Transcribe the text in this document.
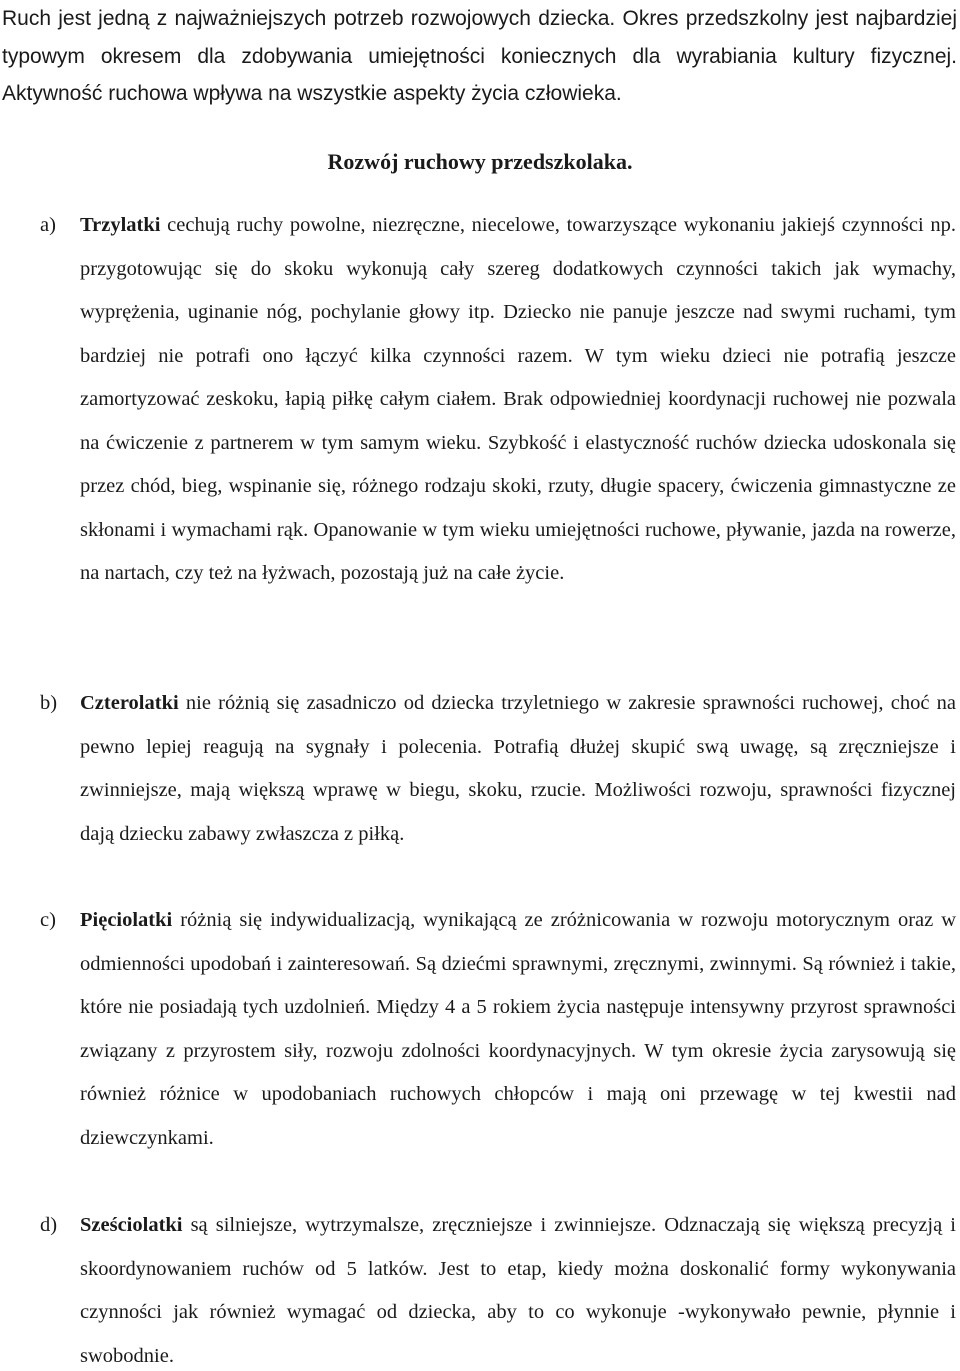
Ruch jest jedną z najważniejszych potrzeb rozwojowych dziecka. Okres przedszkolny jest najbardziej typowym okresem dla zdobywania umiejętności koniecznych dla wyrabiania kultury fizycznej. Aktywność ruchowa wpływa na wszystkie aspekty życia człowieka.

Rozwój ruchowy przedszkolaka.
a) Trzylatki cechują ruchy powolne, niezręczne, niecelowe, towarzyszące wykonaniu jakiejś czynności np. przygotowując się do skoku wykonują cały szereg dodatkowych czynności takich jak wymachy, wyprężenia, uginanie nóg, pochylanie głowy itp. Dziecko nie panuje jeszcze nad swymi ruchami, tym bardziej nie potrafi ono łączyć kilka czynności razem. W tym wieku dzieci nie potrafią jeszcze zamortyzować zeskoku, łapią piłkę całym ciałem. Brak odpowiedniej koordynacji ruchowej nie pozwala na ćwiczenie z partnerem w tym samym wieku. Szybkość i elastyczność ruchów dziecka udoskonala się przez chód, bieg, wspinanie się, różnego rodzaju skoki, rzuty, długie spacery, ćwiczenia gimnastyczne ze skłonami i wymachami rąk. Opanowanie w tym wieku umiejętności ruchowe, pływanie, jazda na rowerze, na nartach, czy też na łyżwach, pozostają już na całe życie.

b) Czterolatki nie różnią się zasadniczo od dziecka trzyletniego w zakresie sprawności ruchowej, choć na pewno lepiej reagują na sygnały i polecenia. Potrafią dłużej skupić swą uwagę, są zręczniejsze i zwinniejsze, mają większą wprawę w biegu, skoku, rzucie. Możliwości rozwoju, sprawności fizycznej dają dziecku zabawy zwłaszcza z piłką.

c) Pięciolatki różnią się indywidualizacją, wynikającą ze zróżnicowania w rozwoju motorycznym oraz w odmienności upodobań i zainteresowań. Są dziećmi sprawnymi, zręcznymi, zwinnymi. Są również i takie, które nie posiadają tych uzdolnień. Między 4 a 5 rokiem życia następuje intensywny przyrost sprawności związany z przyrostem siły, rozwoju zdolności koordynacyjnych. W tym okresie życia zarysowują się również różnice w upodobaniach ruchowych chłopców i mają oni przewagę w tej kwestii nad dziewczynkami.

d) Sześciolatki są silniejsze, wytrzymalsze, zręczniejsze i zwinniejsze. Odznaczają się większą precyzją i skoordynowaniem ruchów od 5 latków. Jest to etap, kiedy można doskonalić formy wykonywania czynności jak również wymagać od dziecka, aby to co wykonuje -wykonywało pewnie, płynnie i swobodnie.
